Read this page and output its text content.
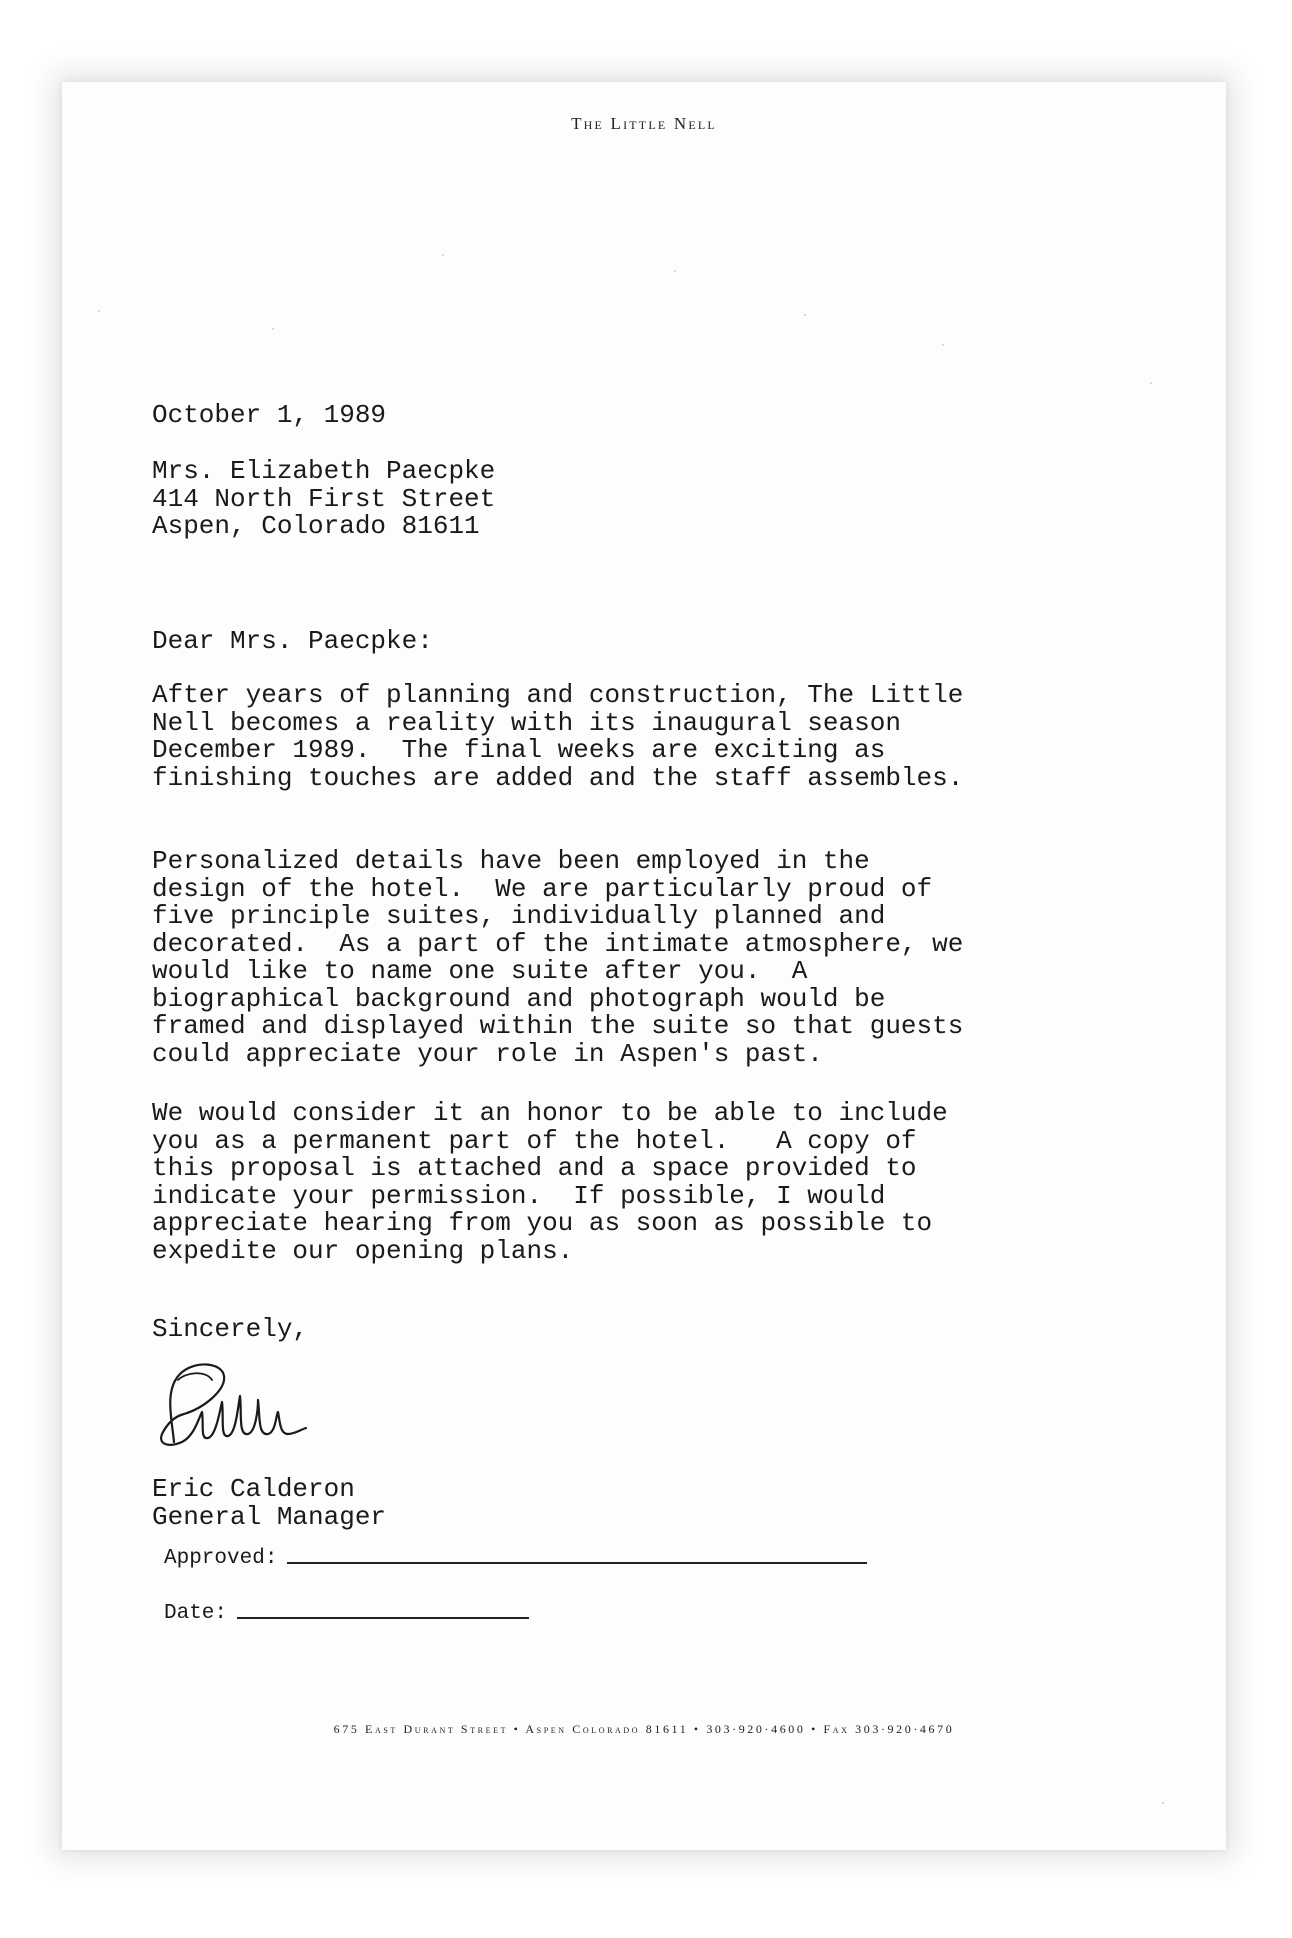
The Little Nell

October 1, 1989

Mrs. Elizabeth Paecpke
414 North First Street
Aspen, Colorado 81611

Dear Mrs. Paecpke:

After years of planning and construction, The Little
Nell becomes a reality with its inaugural season
December 1989.  The final weeks are exciting as
finishing touches are added and the staff assembles.

Personalized details have been employed in the
design of the hotel.  We are particularly proud of
five principle suites, individually planned and
decorated.  As a part of the intimate atmosphere, we
would like to name one suite after you.  A
biographical background and photograph would be
framed and displayed within the suite so that guests
could appreciate your role in Aspen's past.

We would consider it an honor to be able to include
you as a permanent part of the hotel.   A copy of
this proposal is attached and a space provided to
indicate your permission.  If possible, I would
appreciate hearing from you as soon as possible to
expedite our opening plans.

Sincerely,

Eric Calderon
General Manager
Approved:
Date:
675 East Durant Street • Aspen Colorado 81611 • 303·920·4600 • Fax 303·920·4670
